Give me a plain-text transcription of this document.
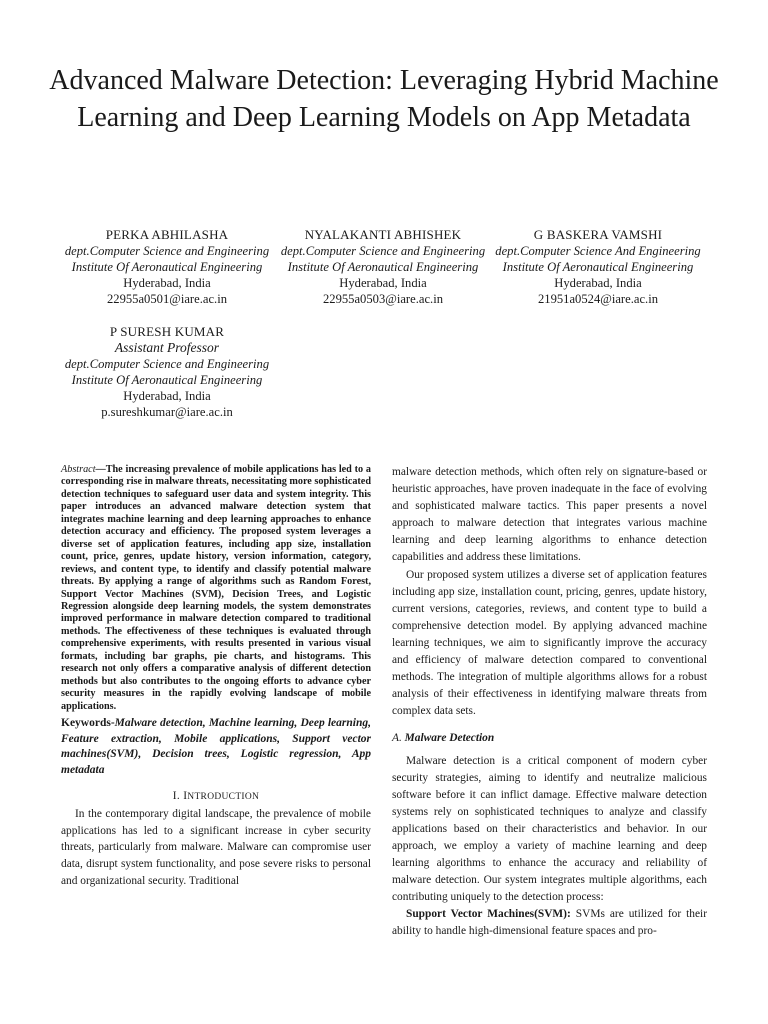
Advanced Malware Detection: Leveraging Hybrid Machine Learning and Deep Learning Models on App Metadata
PERKA ABHILASHA
dept.Computer Science and Engineering
Institute Of Aeronautical Engineering
Hyderabad, India
22955a0501@iare.ac.in
NYALAKANTI ABHISHEK
dept.Computer Science and Engineering
Institute Of Aeronautical Engineering
Hyderabad, India
22955a0503@iare.ac.in
G BASKERA VAMSHI
dept.Computer Science And Engineering
Institute Of Aeronautical Engineering
Hyderabad, India
21951a0524@iare.ac.in
P SURESH KUMAR
Assistant Professor
dept.Computer Science and Engineering
Institute Of Aeronautical Engineering
Hyderabad, India
p.sureshkumar@iare.ac.in

Abstract—The increasing prevalence of mobile applications has led to a corresponding rise in malware threats, necessitating more sophisticated detection techniques to safeguard user data and system integrity. This paper introduces an advanced malware detection system that integrates machine learning and deep learning approaches to enhance detection accuracy and efficiency. The proposed system leverages a diverse set of application features, including app size, installation count, price, genres, update history, version information, category, reviews, and content type, to identify and classify potential malware threats. By applying a range of algorithms such as Random Forest, Support Vector Machines (SVM), Decision Trees, and Logistic Regression alongside deep learning models, the system demonstrates improved performance in malware detection compared to traditional methods. The effectiveness of these techniques is evaluated through comprehensive experiments, with results presented in various visual formats, including bar graphs, pie charts, and histograms. This research not only offers a comparative analysis of different detection methods but also contributes to the ongoing efforts to advance cyber security measures in the rapidly evolving landscape of mobile applications.

Keywords-Malware detection, Machine learning, Deep learning, Feature extraction, Mobile applications, Support vector machines(SVM), Decision trees, Logistic regression, App metadata

I. INTRODUCTION

In the contemporary digital landscape, the prevalence of mobile applications has led to a significant increase in cyber security threats, particularly from malware. Malware can compromise user data, disrupt system functionality, and pose severe risks to personal and organizational security. Traditional

malware detection methods, which often rely on signature-based or heuristic approaches, have proven inadequate in the face of evolving and sophisticated malware tactics. This paper presents a novel approach to malware detection that integrates various machine learning and deep learning algorithms to enhance detection capabilities and address these limitations.

Our proposed system utilizes a diverse set of application features including app size, installation count, pricing, genres, update history, current versions, categories, reviews, and content type to build a comprehensive detection model. By applying advanced machine learning techniques, we aim to significantly improve the accuracy and efficiency of malware detection compared to conventional methods. The integration of multiple algorithms allows for a robust analysis of their effectiveness in identifying malware threats from complex data sets.

A. Malware Detection

Malware detection is a critical component of modern cyber security strategies, aiming to identify and neutralize malicious software before it can inflict damage. Effective malware detection systems rely on sophisticated techniques to analyze and classify applications based on their characteristics and behavior. In our approach, we employ a variety of machine learning and deep learning algorithms to enhance the accuracy and reliability of malware detection. Our system integrates multiple algorithms, each contributing uniquely to the detection process:

Support Vector Machines(SVM): SVMs are utilized for their ability to handle high-dimensional feature spaces and pro-
